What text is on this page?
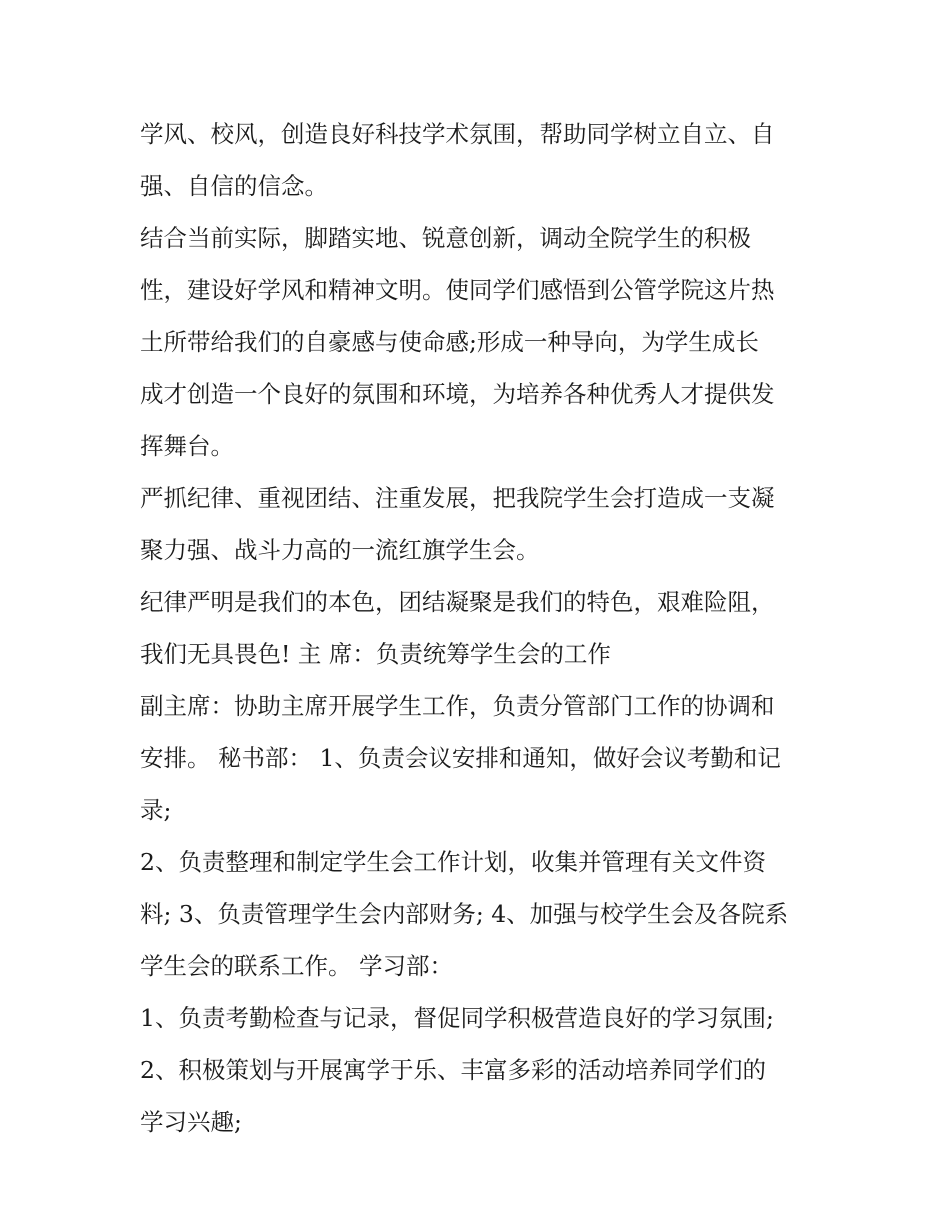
学风、校风，创造良好科技学术氛围，帮助同学树立自立、自
强、自信的信念。
结合当前实际，脚踏实地、锐意创新，调动全院学生的积极
性，建设好学风和精神文明。使同学们感悟到公管学院这片热
土所带给我们的自豪感与使命感;形成一种导向，为学生成长
成才创造一个良好的氛围和环境，为培养各种优秀人才提供发
挥舞台。
严抓纪律、重视团结、注重发展，把我院学生会打造成一支凝
聚力强、战斗力高的一流红旗学生会。
纪律严明是我们的本色，团结凝聚是我们的特色，艰难险阻，
我们无具畏色! 主 席：负责统筹学生会的工作
副主席：协助主席开展学生工作，负责分管部门工作的协调和
安排。 秘书部： 1、负责会议安排和通知，做好会议考勤和记
录;
2、负责整理和制定学生会工作计划，收集并管理有关文件资
料; 3、负责管理学生会内部财务; 4、加强与校学生会及各院系
学生会的联系工作。 学习部：
1、负责考勤检查与记录，督促同学积极营造良好的学习氛围;
2、积极策划与开展寓学于乐、丰富多彩的活动培养同学们的
学习兴趣;
